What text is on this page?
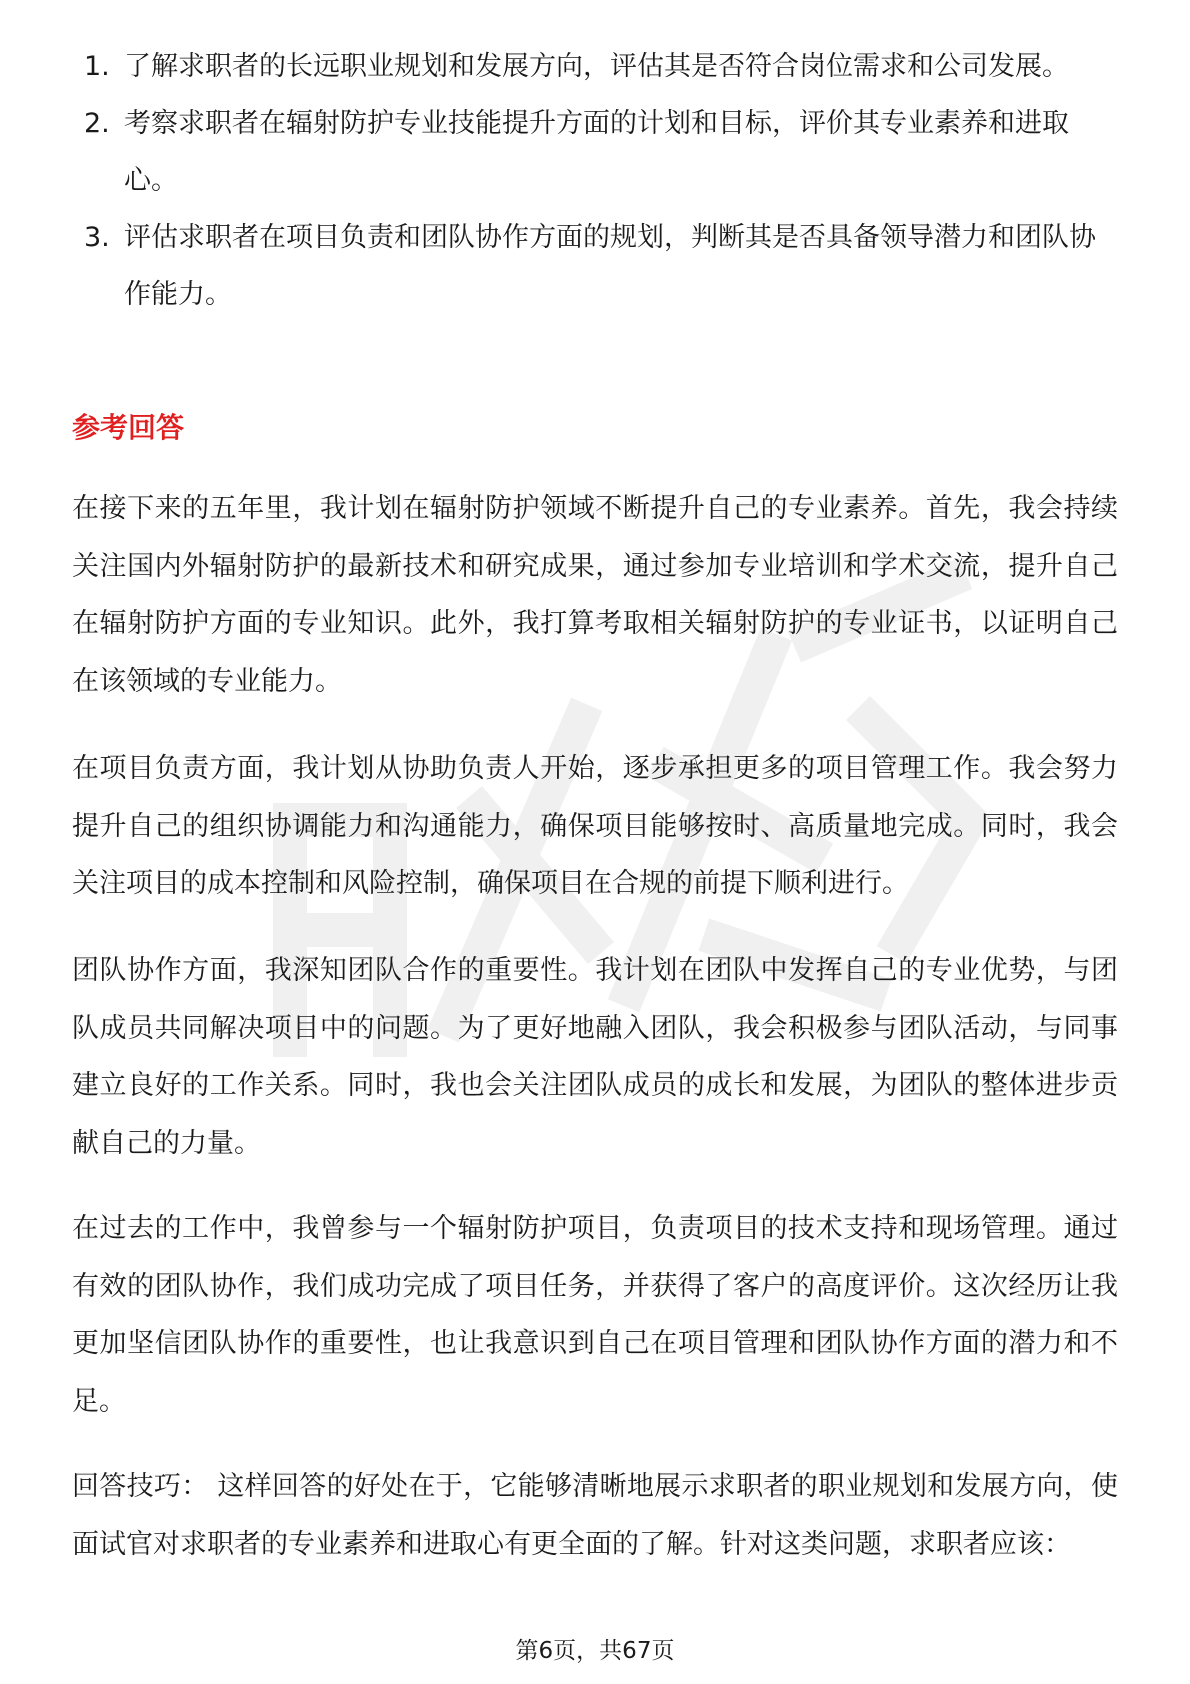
1. 了解求职者的长远职业规划和发展方向，评估其是否符合岗位需求和公司发展。
2. 考察求职者在辐射防护专业技能提升方面的计划和目标，评价其专业素养和进取心。
3. 评估求职者在项目负责和团队协作方面的规划，判断其是否具备领导潜力和团队协作能力。
参考回答

在接下来的五年里，我计划在辐射防护领域不断提升自己的专业素养。首先，我会持续关注国内外辐射防护的最新技术和研究成果，通过参加专业培训和学术交流，提升自己在辐射防护方面的专业知识。此外，我打算考取相关辐射防护的专业证书，以证明自己在该领域的专业能力。

在项目负责方面，我计划从协助负责人开始，逐步承担更多的项目管理工作。我会努力提升自己的组织协调能力和沟通能力，确保项目能够按时、高质量地完成。同时，我会关注项目的成本控制和风险控制，确保项目在合规的前提下顺利进行。

团队协作方面，我深知团队合作的重要性。我计划在团队中发挥自己的专业优势，与团队成员共同解决项目中的问题。为了更好地融入团队，我会积极参与团队活动，与同事建立良好的工作关系。同时，我也会关注团队成员的成长和发展，为团队的整体进步贡献自己的力量。

在过去的工作中，我曾参与一个辐射防护项目，负责项目的技术支持和现场管理。通过有效的团队协作，我们成功完成了项目任务，并获得了客户的高度评价。这次经历让我更加坚信团队协作的重要性，也让我意识到自己在项目管理和团队协作方面的潜力和不足。

回答技巧： 这样回答的好处在于，它能够清晰地展示求职者的职业规划和发展方向，使面试官对求职者的专业素养和进取心有更全面的了解。针对这类问题，求职者应该：

第6页，共67页
